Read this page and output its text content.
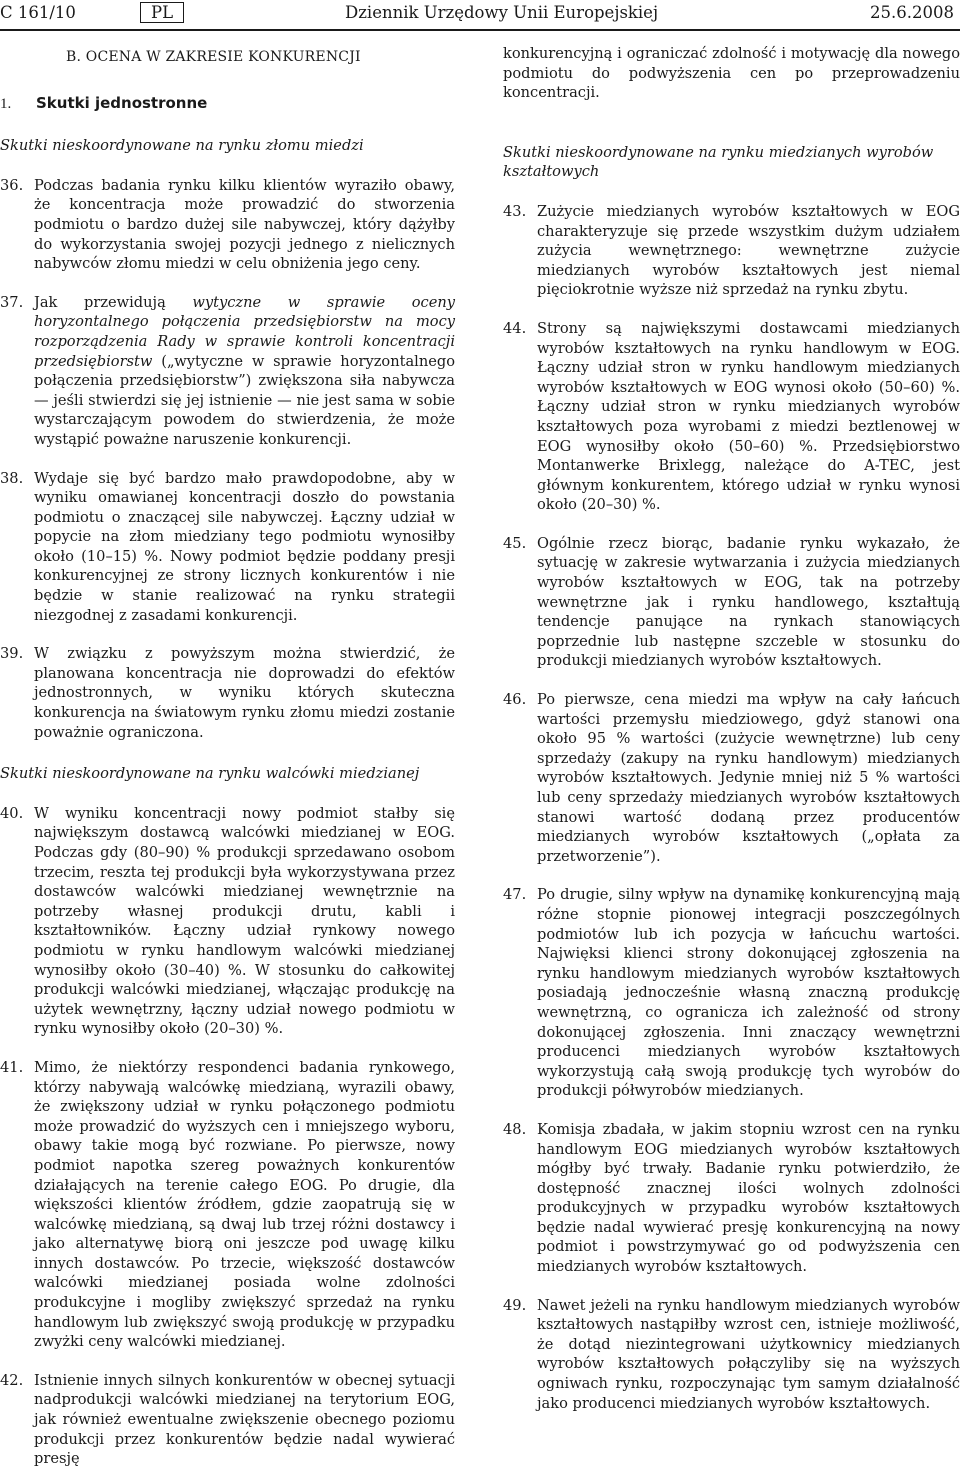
C 161/10	PL	Dziennik Urzędowy Unii Europejskiej	25.6.2008
B. OCENA W ZAKRESIE KONKURENCJI
1. Skutki jednostronne
Skutki nieskoordynowane na rynku złomu miedzi
36. Podczas badania rynku kilku klientów wyraziło obawy, że koncentracja może prowadzić do stworzenia podmiotu o bardzo dużej sile nabywczej, który dążyłby do wykorzystania swojej pozycji jednego z nielicznych nabywców złomu miedzi w celu obniżenia jego ceny.
37. Jak przewidują wytyczne w sprawie oceny horyzontalnego połączenia przedsiębiorstw na mocy rozporządzenia Rady w sprawie kontroli koncentracji przedsiębiorstw („wytyczne w sprawie horyzontalnego połączenia przedsiębiorstw”) zwiększona siła nabywcza — jeśli stwierdzi się jej istnienie — nie jest sama w sobie wystarczającym powodem do stwierdzenia, że może wystąpić poważne naruszenie konkurencji.
38. Wydaje się być bardzo mało prawdopodobne, aby w wyniku omawianej koncentracji doszło do powstania podmiotu o znaczącej sile nabywczej. Łączny udział w popycie na złom miedziany tego podmiotu wynosiłby około (10–15) %. Nowy podmiot będzie poddany presji konkurencyjnej ze strony licznych konkurentów i nie będzie w stanie realizować na rynku strategii niezgodnej z zasadami konkurencji.
39. W związku z powyższym można stwierdzić, że planowana koncentracja nie doprowadzi do efektów jednostronnych, w wyniku których skuteczna konkurencja na światowym rynku złomu miedzi zostanie poważnie ograniczona.
Skutki nieskoordynowane na rynku walcówki miedzianej
40. W wyniku koncentracji nowy podmiot stałby się największym dostawcą walcówki miedzianej w EOG. Podczas gdy (80–90) % produkcji sprzedawano osobom trzecim, reszta tej produkcji była wykorzystywana przez dostawców walcówki miedzianej wewnętrznie na potrzeby własnej produkcji drutu, kabli i kształtowników. Łączny udział rynkowy nowego podmiotu w rynku handlowym walcówki miedzianej wynosiłby około (30–40) %. W stosunku do całkowitej produkcji walcówki miedzianej, włączając produkcję na użytek wewnętrzny, łączny udział nowego podmiotu w rynku wynosiłby około (20–30) %.
41. Mimo, że niektórzy respondenci badania rynkowego, którzy nabywają walcówkę miedzianą, wyrazili obawy, że zwiększony udział w rynku połączonego podmiotu może prowadzić do wyższych cen i mniejszego wyboru, obawy takie mogą być rozwiane. Po pierwsze, nowy podmiot napotka szereg poważnych konkurentów działających na terenie całego EOG. Po drugie, dla większości klientów źródłem, gdzie zaopatrują się w walcówkę miedzianą, są dwaj lub trzej różni dostawcy i jako alternatywę biorą oni jeszcze pod uwagę kilku innych dostawców. Po trzecie, większość dostawców walcówki miedzianej posiada wolne zdolności produkcyjne i mogliby zwiększyć sprzedaż na rynku handlowym lub zwiększyć swoją produkcję w przypadku zwyżki ceny walcówki miedzianej.
42. Istnienie innych silnych konkurentów w obecnej sytuacji nadprodukcji walcówki miedzianej na terytorium EOG, jak również ewentualne zwiększenie obecnego poziomu produkcji przez konkurentów będzie nadal wywierać presję

konkurencyjną i ograniczać zdolność i motywację dla nowego podmiotu do podwyższenia cen po przeprowadzeniu koncentracji.

Skutki nieskoordynowane na rynku miedzianych wyrobów kształtowych
43. Zużycie miedzianych wyrobów kształtowych w EOG charakteryzuje się przede wszystkim dużym udziałem zużycia wewnętrznego: wewnętrzne zużycie miedzianych wyrobów kształtowych jest niemal pięciokrotnie wyższe niż sprzedaż na rynku zbytu.
44. Strony są największymi dostawcami miedzianych wyrobów kształtowych na rynku handlowym w EOG. Łączny udział stron w rynku handlowym miedzianych wyrobów kształtowych w EOG wynosi około (50–60) %. Łączny udział stron w rynku miedzianych wyrobów kształtowych poza wyrobami z miedzi beztlenowej w EOG wynosiłby około (50–60) %. Przedsiębiorstwo Montanwerke Brixlegg, należące do A-TEC, jest głównym konkurentem, którego udział w rynku wynosi około (20–30) %.
45. Ogólnie rzecz biorąc, badanie rynku wykazało, że sytuację w zakresie wytwarzania i zużycia miedzianych wyrobów kształtowych w EOG, tak na potrzeby wewnętrzne jak i rynku handlowego, kształtują tendencje panujące na rynkach stanowiących poprzednie lub następne szczeble w stosunku do produkcji miedzianych wyrobów kształtowych.
46. Po pierwsze, cena miedzi ma wpływ na cały łańcuch wartości przemysłu miedziowego, gdyż stanowi ona około 95 % wartości (zużycie wewnętrzne) lub ceny sprzedaży (zakupy na rynku handlowym) miedzianych wyrobów kształtowych. Jedynie mniej niż 5 % wartości lub ceny sprzedaży miedzianych wyrobów kształtowych stanowi wartość dodaną przez producentów miedzianych wyrobów kształtowych („opłata za przetworzenie”).
47. Po drugie, silny wpływ na dynamikę konkurencyjną mają różne stopnie pionowej integracji poszczególnych podmiotów lub ich pozycja w łańcuchu wartości. Najwięksi klienci strony dokonującej zgłoszenia na rynku handlowym miedzianych wyrobów kształtowych posiadają jednocześnie własną znaczną produkcję wewnętrzną, co ogranicza ich zależność od strony dokonującej zgłoszenia. Inni znaczący wewnętrzni producenci miedzianych wyrobów kształtowych wykorzystują całą swoją produkcję tych wyrobów do produkcji półwyrobów miedzianych.
48. Komisja zbadała, w jakim stopniu wzrost cen na rynku handlowym EOG miedzianych wyrobów kształtowych mógłby być trwały. Badanie rynku potwierdziło, że dostępność znacznej ilości wolnych zdolności produkcyjnych w przypadku wyrobów kształtowych będzie nadal wywierać presję konkurencyjną na nowy podmiot i powstrzymywać go od podwyższenia cen miedzianych wyrobów kształtowych.
49. Nawet jeżeli na rynku handlowym miedzianych wyrobów kształtowych nastąpiłby wzrost cen, istnieje możliwość, że dotąd niezintegrowani użytkownicy miedzianych wyrobów kształtowych połączyliby się na wyższych ogniwach rynku, rozpoczynając tym samym działalność jako producenci miedzianych wyrobów kształtowych.
